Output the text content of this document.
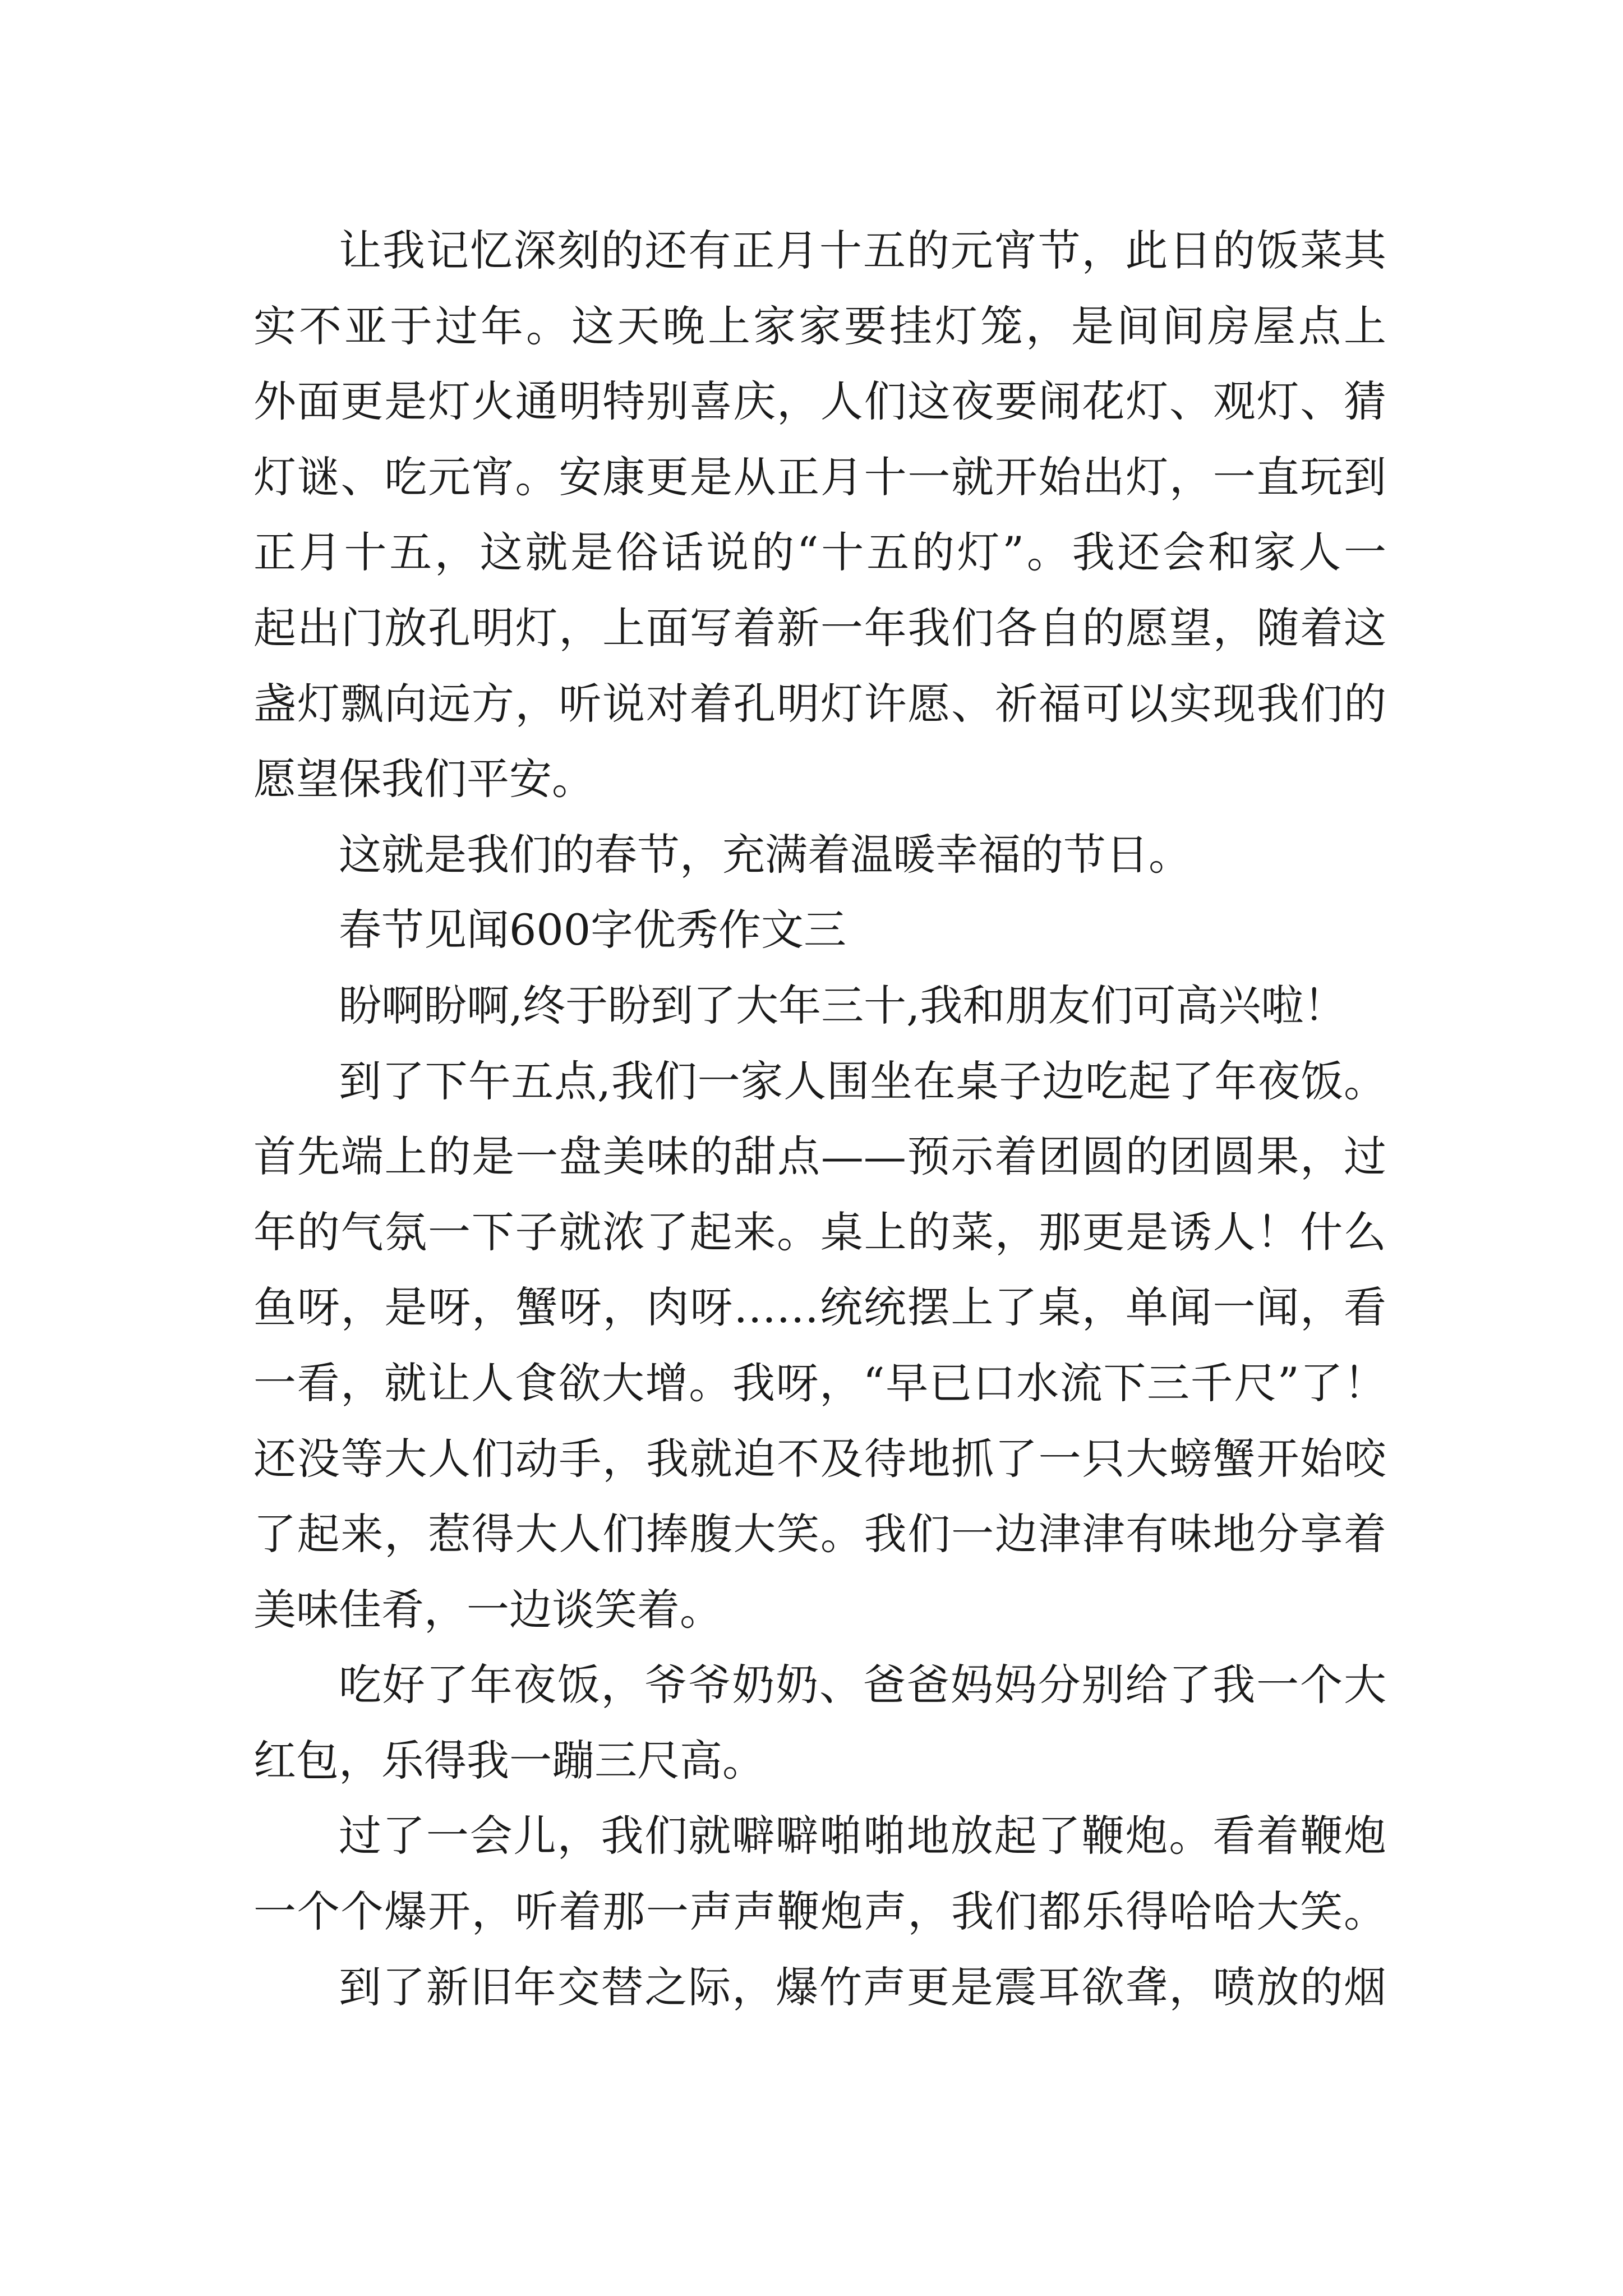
让我记忆深刻的还有正月十五的元宵节，此日的饭菜其
实不亚于过年。这天晚上家家要挂灯笼，是间间房屋点上
外面更是灯火通明特别喜庆，人们这夜要闹花灯、观灯、猜
灯谜、吃元宵。安康更是从正月十一就开始出灯，一直玩到
正月十五，这就是俗话说的“十五的灯”。我还会和家人一
起出门放孔明灯，上面写着新一年我们各自的愿望，随着这
盏灯飘向远方，听说对着孔明灯许愿、祈福可以实现我们的
愿望保我们平安。
这就是我们的春节，充满着温暖幸福的节日。
春节见闻600字优秀作文三
盼啊盼啊,终于盼到了大年三十,我和朋友们可高兴啦！
到了下午五点,我们一家人围坐在桌子边吃起了年夜饭。
首先端上的是一盘美味的甜点——预示着团圆的团圆果，过
年的气氛一下子就浓了起来。桌上的菜，那更是诱人！什么
鱼呀，是呀，蟹呀，肉呀……统统摆上了桌，单闻一闻，看
一看，就让人食欲大增。我呀，“早已口水流下三千尺”了！
还没等大人们动手，我就迫不及待地抓了一只大螃蟹开始咬
了起来，惹得大人们捧腹大笑。我们一边津津有味地分享着
美味佳肴，一边谈笑着。
吃好了年夜饭，爷爷奶奶、爸爸妈妈分别给了我一个大
红包，乐得我一蹦三尺高。
过了一会儿，我们就噼噼啪啪地放起了鞭炮。看着鞭炮
一个个爆开，听着那一声声鞭炮声，我们都乐得哈哈大笑。
到了新旧年交替之际，爆竹声更是震耳欲聋，喷放的烟
